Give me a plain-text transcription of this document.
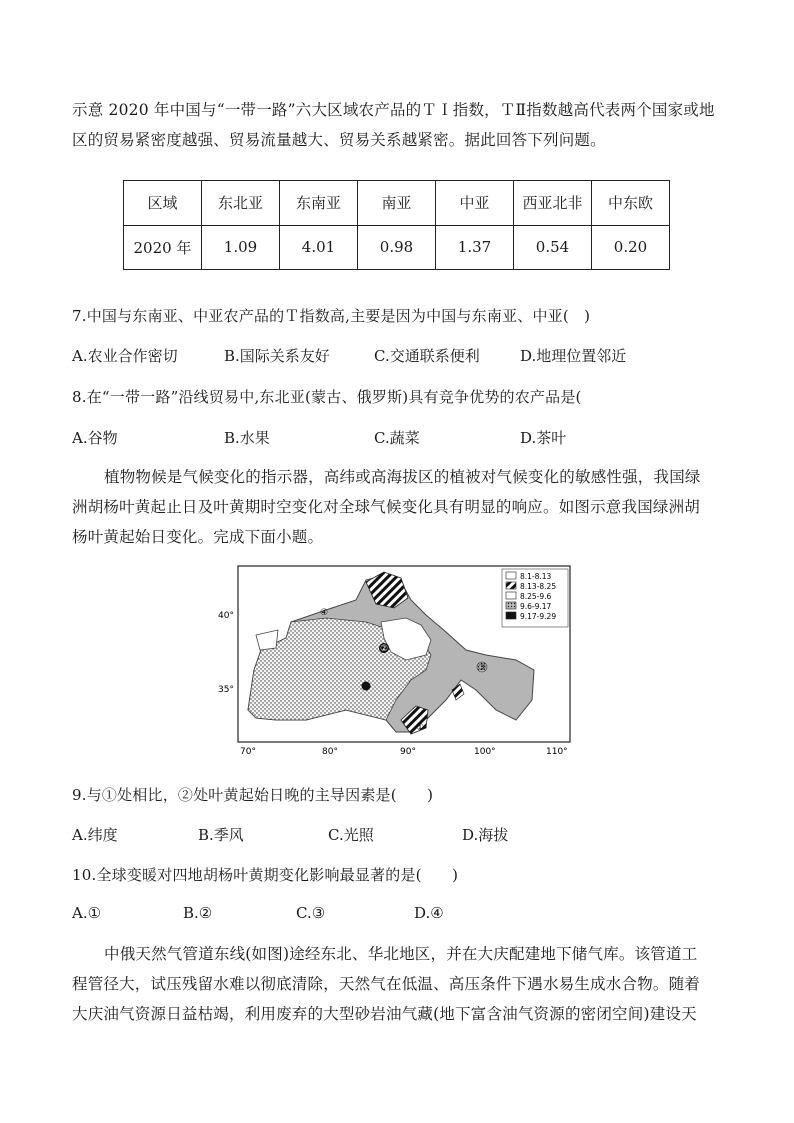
示意 2020 年中国与“一带一路”六大区域农产品的ＴＩ指数，ＴⅡ指数越高代表两个国家或地
区的贸易紧密度越强、贸易流量越大、贸易关系越紧密。据此回答下列问题。
区域	东北亚	东南亚	南亚	中亚	西亚北非	中东欧
2020 年	1.09	4.01	0.98	1.37	0.54	0.20
7.中国与东南亚、中亚农产品的Ｔ指数高,主要是因为中国与东南亚、中亚(　)
A.农业合作密切	B.国际关系友好	C.交通联系便利	D.地理位置邻近
8.在“一带一路”沿线贸易中,东北亚(蒙古、俄罗斯)具有竞争优势的农产品是(
A.谷物	B.水果	C.蔬菜	D.茶叶
植物物候是气候变化的指示器，高纬或高海拔区的植被对气候变化的敏感性强，我国绿
洲胡杨叶黄起止日及叶黄期时空变化对全球气候变化具有明显的响应。如图示意我国绿洲胡
杨叶黄起始日变化。完成下面小题。
①
②
③
④
8.1-8.13
8.13-8.25
8.25-9.6
9.6-9.17
9.17-9.29
40°
35°
70°	80°	90°	100°	110°
9.与①处相比，②处叶黄起始日晚的主导因素是(　　)
A.纬度	B.季风	C.光照	D.海拔
10.全球变暖对四地胡杨叶黄期变化影响最显著的是(　　)
A.①	B.②	C.③	D.④
中俄天然气管道东线(如图)途经东北、华北地区，并在大庆配建地下储气库。该管道工
程管径大，试压残留水难以彻底清除，天然气在低温、高压条件下遇水易生成水合物。随着
大庆油气资源日益枯竭，利用废弃的大型砂岩油气藏(地下富含油气资源的密闭空间)建设天
